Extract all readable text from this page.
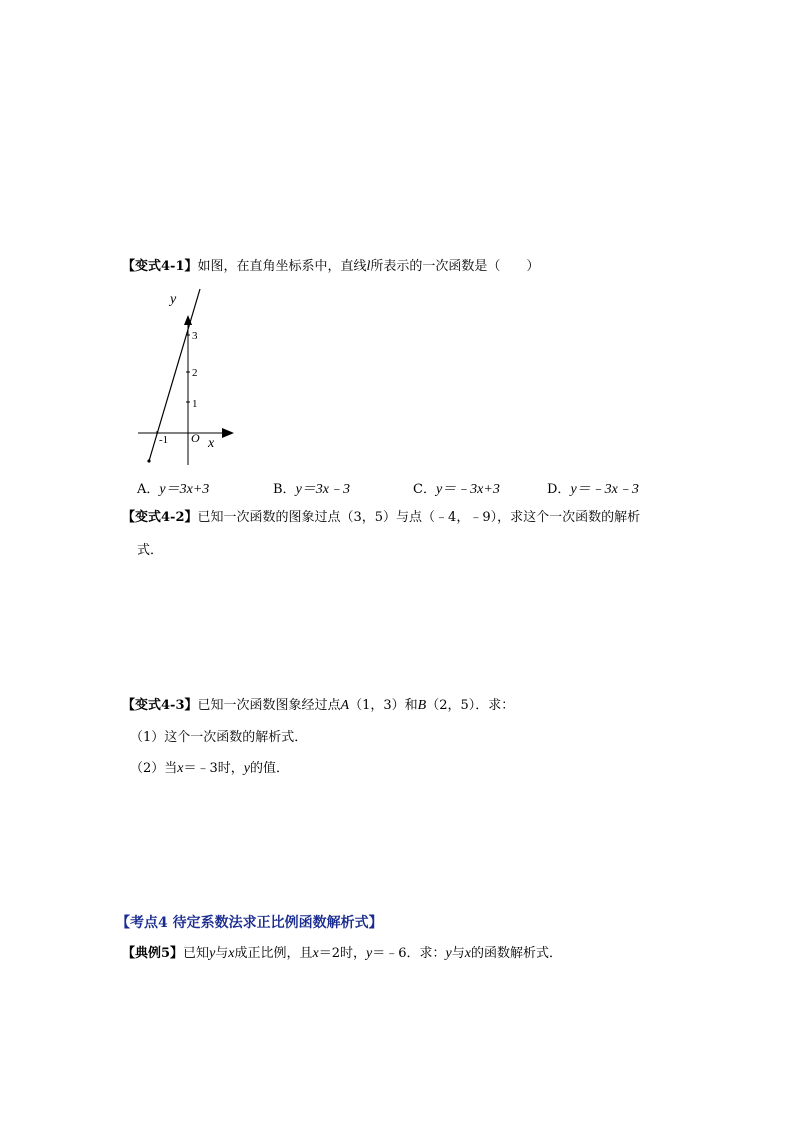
【变式4-1】如图，在直角坐标系中，直线l所表示的一次函数是（　　）
y
x
O
1
2
3
-1
A．y＝3x+3	B．y＝3x﹣3	C．y＝﹣3x+3	D．y＝﹣3x﹣3
【变式4-2】已知一次函数的图象过点（3，5）与点（﹣4，﹣9），求这个一次函数的解析
式．
【变式4-3】已知一次函数图象经过点A（1，3）和B（2，5）．求：
（1）这个一次函数的解析式．
（2）当x＝﹣3时，y的值．
【考点4 待定系数法求正比例函数解析式】
【典例5】已知y与x成正比例，且x＝2时，y＝﹣6．求：y与x的函数解析式．
